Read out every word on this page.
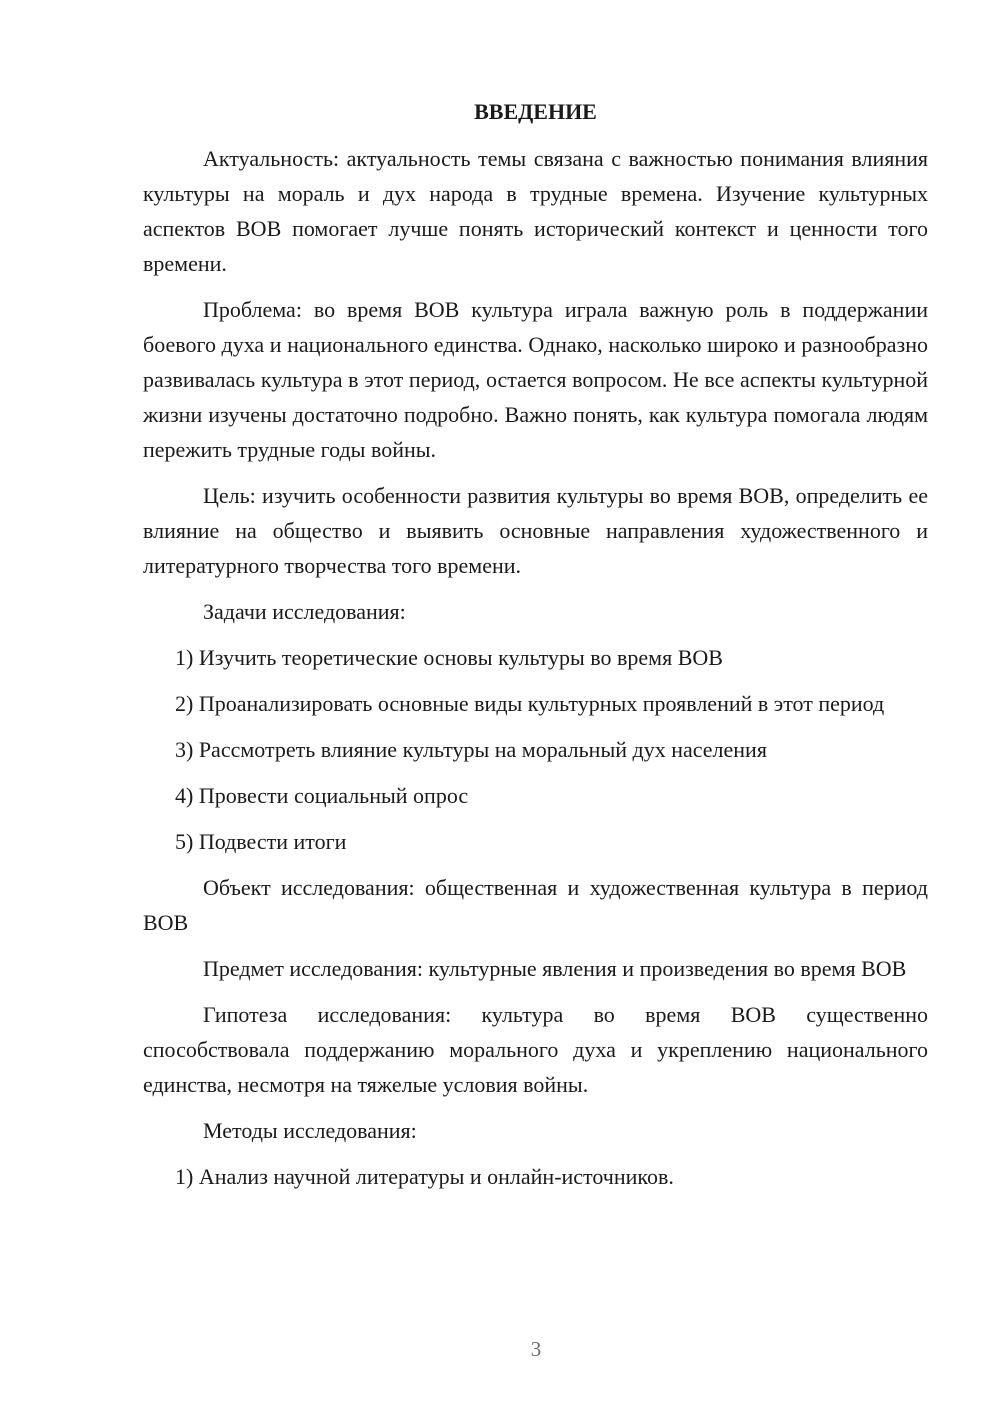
ВВЕДЕНИЕ

Актуальность: актуальность темы связана с важностью понимания влияния культуры на мораль и дух народа в трудные времена. Изучение культурных аспектов ВОВ помогает лучше понять исторический контекст и ценности того времени.

Проблема: во время ВОВ культура играла важную роль в поддержании боевого духа и национального единства. Однако, насколько широко и разнообразно развивалась культура в этот период, остается вопросом. Не все аспекты культурной жизни изучены достаточно подробно. Важно понять, как культура помогала людям пережить трудные годы войны.

Цель: изучить особенности развития культуры во время ВОВ, определить ее влияние на общество и выявить основные направления художественного и литературного творчества того времени.

Задачи исследования:

1) Изучить теоретические основы культуры во время ВОВ

2) Проанализировать основные виды культурных проявлений в этот период

3) Рассмотреть влияние культуры на моральный дух населения

4) Провести социальный опрос

5) Подвести итоги

Объект исследования: общественная и художественная культура в период ВОВ

Предмет исследования: культурные явления и произведения во время ВОВ

Гипотеза исследования: культура во время ВОВ существенно способствовала поддержанию морального духа и укреплению национального единства, несмотря на тяжелые условия войны.

Методы исследования:

1) Анализ научной литературы и онлайн-источников.

3
